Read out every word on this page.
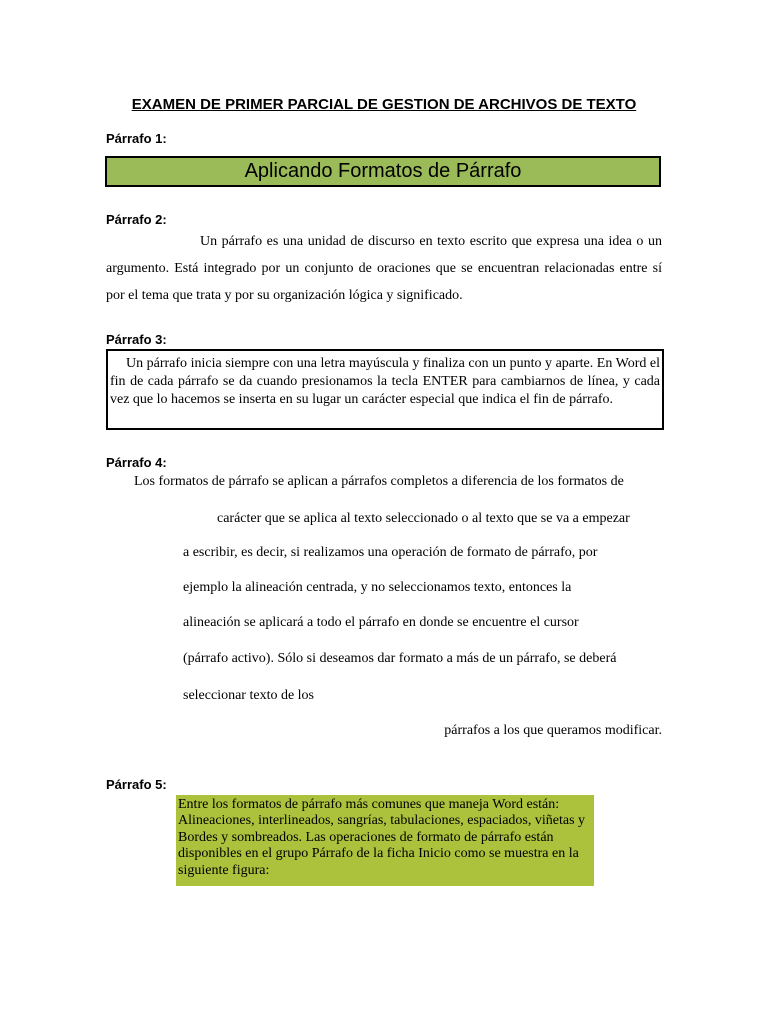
EXAMEN DE PRIMER PARCIAL DE GESTION DE ARCHIVOS DE TEXTO
Párrafo 1:
Aplicando Formatos de Párrafo
Párrafo 2:
Un párrafo es una unidad de discurso en texto escrito que expresa una idea o un argumento. Está integrado por un conjunto de oraciones que se encuentran relacionadas entre sí por el tema que trata y por su organización lógica y significado.
Párrafo 3:
Un párrafo inicia siempre con una letra mayúscula y finaliza con un punto y aparte. En Word el fin de cada párrafo se da cuando presionamos la tecla ENTER para cambiarnos de línea, y cada vez que lo hacemos se inserta en su lugar un carácter especial que indica el fin de párrafo.
Párrafo 4:
Los formatos de párrafo se aplican a párrafos completos a diferencia de los formatos de
carácter que se aplica al texto seleccionado o al texto que se va a empezar
a escribir, es decir, si realizamos una operación de formato de párrafo, por
ejemplo la alineación centrada, y no seleccionamos texto, entonces la
alineación se aplicará a todo el párrafo en donde se encuentre el cursor
(párrafo activo). Sólo si deseamos dar formato a más de un párrafo, se deberá
seleccionar texto de los
párrafos a los que queramos modificar.
Párrafo 5:
Entre los formatos de párrafo más comunes que maneja Word están: Alineaciones, interlineados, sangrías, tabulaciones, espaciados, viñetas y Bordes y sombreados. Las operaciones de formato de párrafo están disponibles en el grupo Párrafo de la ficha Inicio como se muestra en la siguiente figura:
